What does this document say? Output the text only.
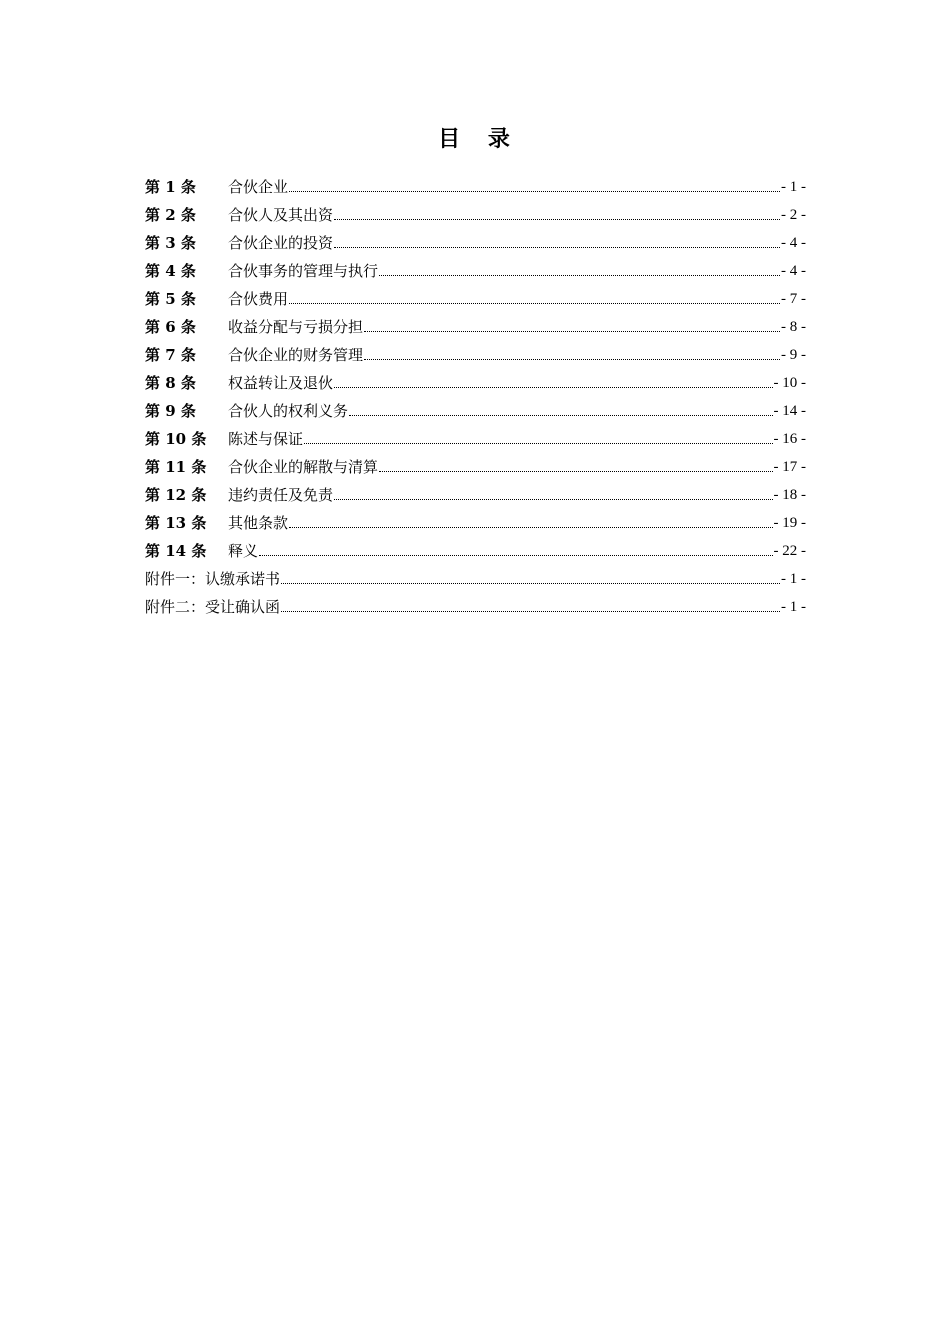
目 录
第 1 条	合伙企业	- 1 -
第 2 条	合伙人及其出资	- 2 -
第 3 条	合伙企业的投资	- 4 -
第 4 条	合伙事务的管理与执行	- 4 -
第 5 条	合伙费用	- 7 -
第 6 条	收益分配与亏损分担	- 8 -
第 7 条	合伙企业的财务管理	- 9 -
第 8 条	权益转让及退伙	- 10 -
第 9 条	合伙人的权利义务	- 14 -
第 10 条	陈述与保证	- 16 -
第 11 条	合伙企业的解散与清算	- 17 -
第 12 条	违约责任及免责	- 18 -
第 13 条	其他条款	- 19 -
第 14 条	释义	- 22 -
附件一：认缴承诺书	- 1 -
附件二：受让确认函	- 1 -
